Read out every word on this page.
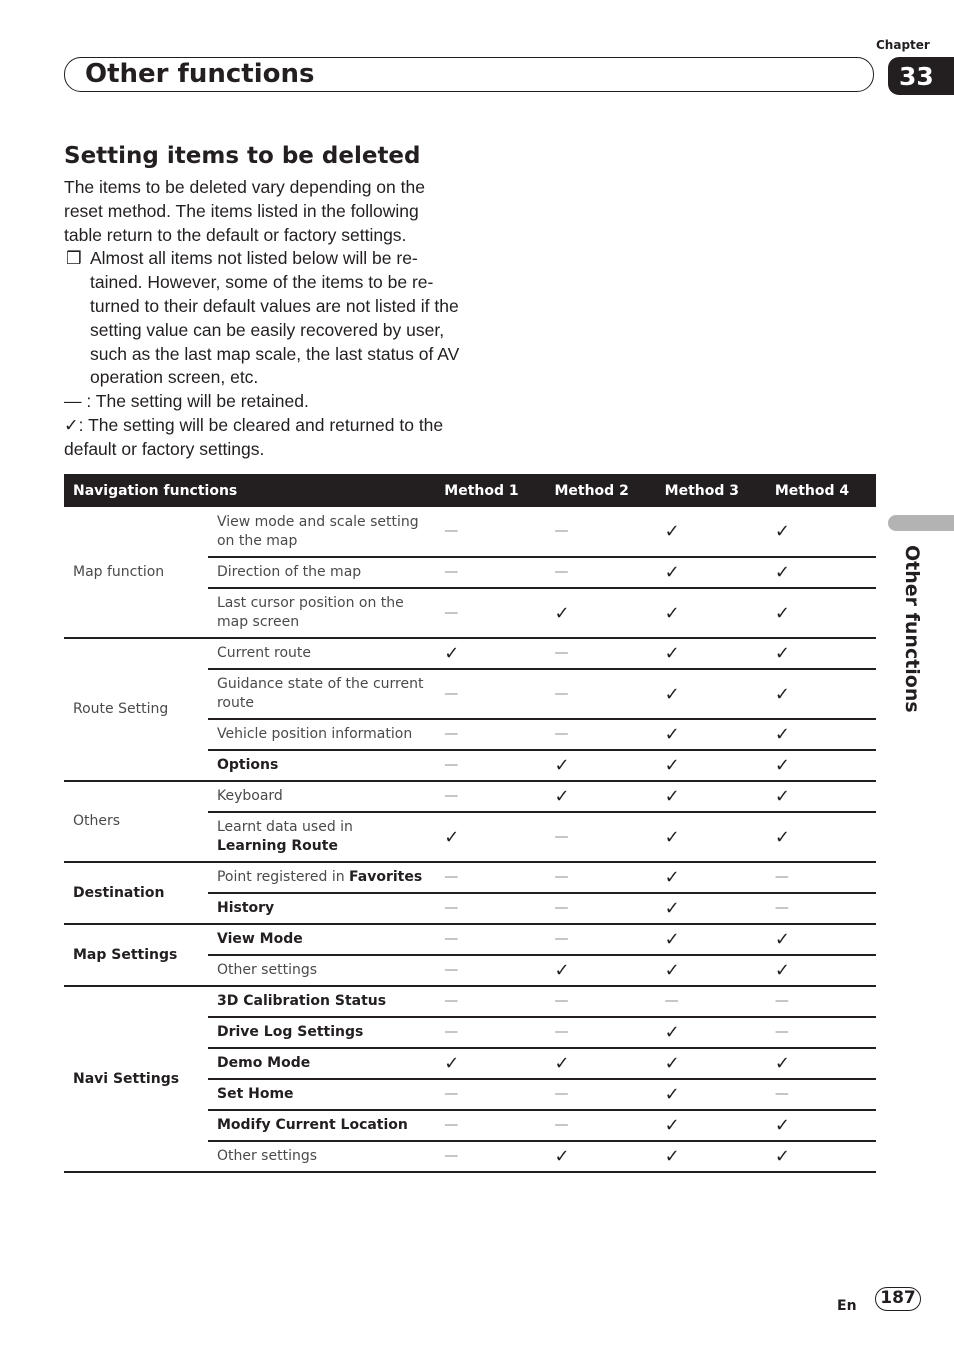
Chapter
33
Other functions
Other functions
Setting items to be deleted

The items to be deleted vary depending on the reset method. The items listed in the following table return to the default or factory settings.

❒ Almost all items not listed below will be re- tained. However, some of the items to be re- turned to their default values are not listed if the setting value can be easily recovered by user, such as the last map scale, the last status of AV operation screen, etc.

— : The setting will be retained.

✓: The setting will be cleared and returned to the default or factory settings.

Navigation functions		Method 1	Method 2	Method 3	Method 4
Map function	View mode and scale setting on the map	—	—	✓	✓
	Direction of the map	—	—	✓	✓
	Last cursor position on the map screen	—	✓	✓	✓
Route Setting	Current route	✓	—	✓	✓
	Guidance state of the current route	—	—	✓	✓
	Vehicle position information	—	—	✓	✓
	Options	—	✓	✓	✓
Others	Keyboard	—	✓	✓	✓
	Learnt data used in Learning Route	✓	—	✓	✓
Destination	Point registered in Favorites	—	—	✓	—
	History	—	—	✓	—
Map Settings	View Mode	—	—	✓	✓
	Other settings	—	✓	✓	✓
Navi Settings	3D Calibration Status	—	—	—	—
	Drive Log Settings	—	—	✓	—
	Demo Mode	✓	✓	✓	✓
	Set Home	—	—	✓	—
	Modify Current Location	—	—	✓	✓
	Other settings	—	✓	✓	✓
En	187
